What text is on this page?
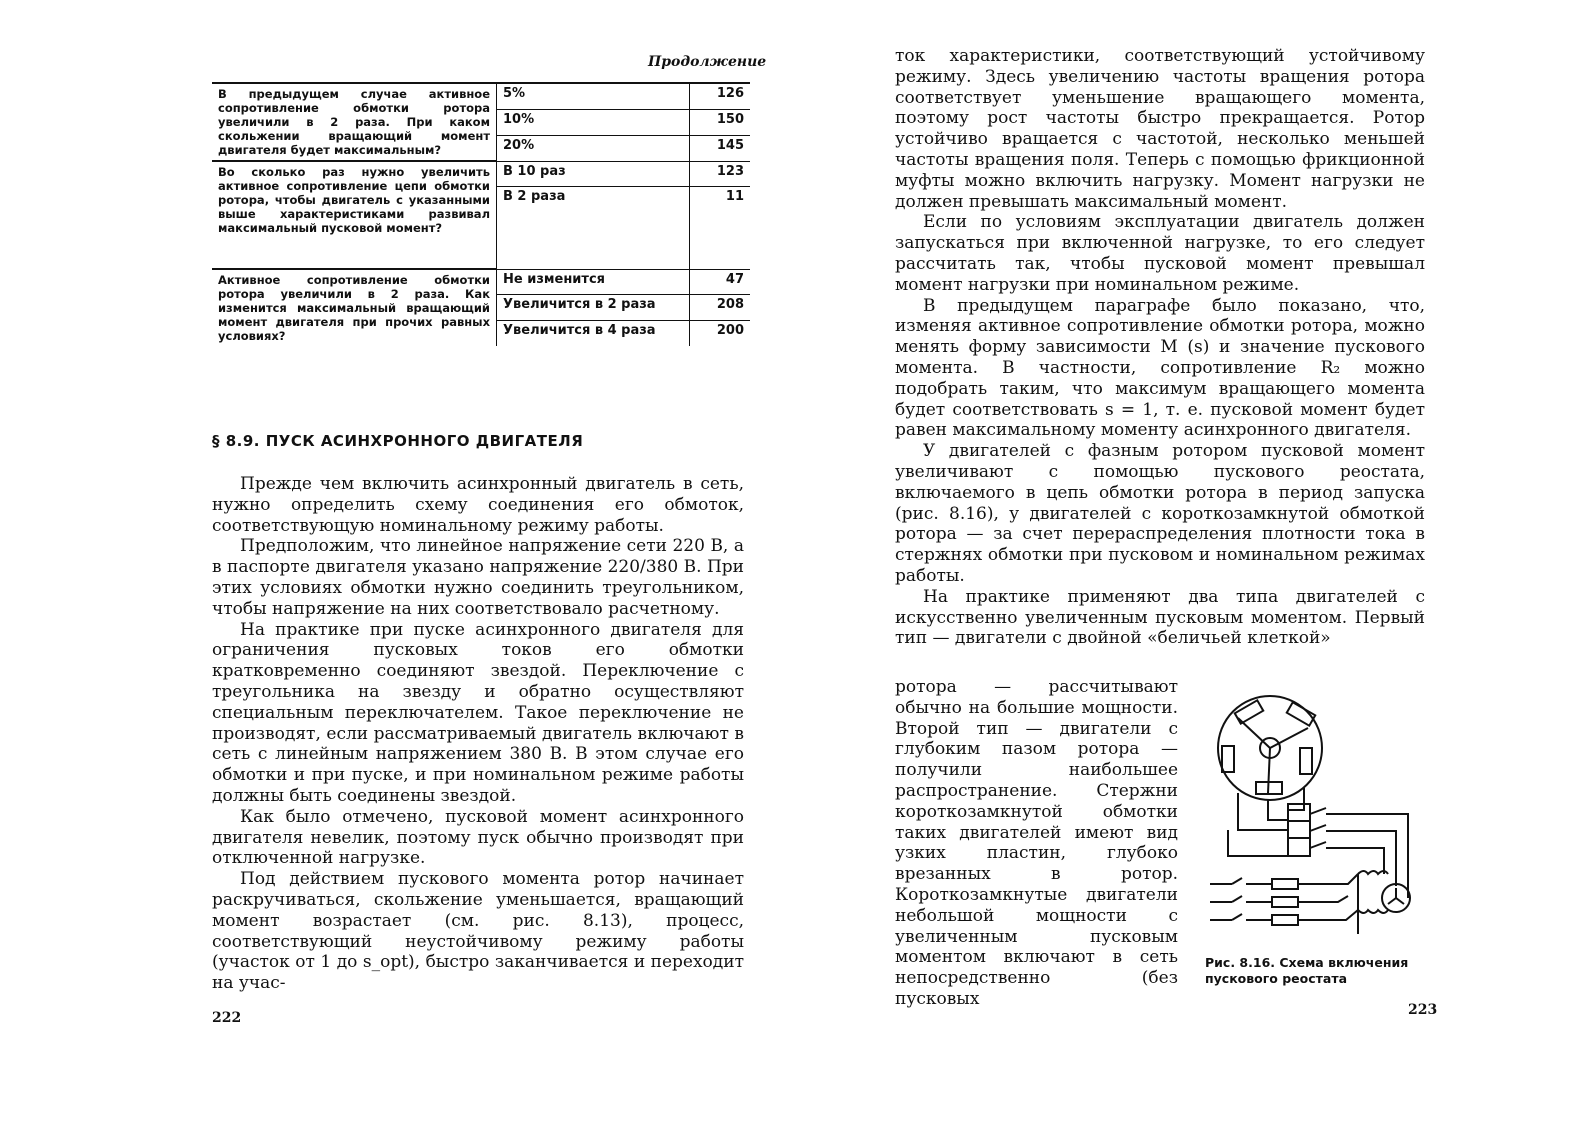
Продолжение
В предыдущем случае активное сопротивление обмотки ротора увеличили в 2 раза. При каком скольжении вращающий момент двигателя будет максимальным?	5%	126
	10%	150
	20%	145
Во сколько раз нужно увеличить активное сопротивление цепи обмотки ротора, чтобы двигатель с указанными выше характеристиками развивал максимальный пусковой момент?	В 10 раз	123
	В 2 раза	11
Активное сопротивление обмотки ротора увеличили в 2 раза. Как изменится максимальный вращающий момент двигателя при прочих равных условиях?	Не изменится	47
	Увеличится в 2 раза	208
	Увеличится в 4 раза	200
§ 8.9. ПУСК АСИНХРОННОГО ДВИГАТЕЛЯ

Прежде чем включить асинхронный двигатель в сеть, нужно определить схему соединения его обмоток, соответствующую номинальному режиму работы.

Предположим, что линейное напряжение сети 220 В, а в паспорте двигателя указано напряжение 220/380 В. При этих условиях обмотки нужно соединить треугольником, чтобы напряжение на них соответствовало расчетному.

На практике при пуске асинхронного двигателя для ограничения пусковых токов его обмотки кратковременно соединяют звездой. Переключение с треугольника на звезду и обратно осуществляют специальным переключателем. Такое переключение не производят, если рассматриваемый двигатель включают в сеть с линейным напряжением 380 В. В этом случае его обмотки и при пуске, и при номинальном режиме работы должны быть соединены звездой.

Как было отмечено, пусковой момент асинхронного двигателя невелик, поэтому пуск обычно производят при отключенной нагрузке.

Под действием пускового момента ротор начинает раскручиваться, скольжение уменьшается, вращающий момент возрастает (см. рис. 8.13), процесс, соответствующий неустойчивому режиму работы (участок от 1 до s_opt), быстро заканчивается и переходит на учас-

222

ток характеристики, соответствующий устойчивому режиму. Здесь увеличению частоты вращения ротора соответствует уменьшение вращающего момента, поэтому рост частоты быстро прекращается. Ротор устойчиво вращается с частотой, несколько меньшей частоты вращения поля. Теперь с помощью фрикционной муфты можно включить нагрузку. Момент нагрузки не должен превышать максимальный момент.

Если по условиям эксплуатации двигатель должен запускаться при включенной нагрузке, то его следует рассчитать так, чтобы пусковой момент превышал момент нагрузки при номинальном режиме.

В предыдущем параграфе было показано, что, изменяя активное сопротивление обмотки ротора, можно менять форму зависимости M (s) и значение пускового момента. В частности, сопротивление R₂ можно подобрать таким, что максимум вращающего момента будет соответствовать s = 1, т. е. пусковой момент будет равен максимальному моменту асинхронного двигателя.

У двигателей с фазным ротором пусковой момент увеличивают с помощью пускового реостата, включаемого в цепь обмотки ротора в период запуска (рис. 8.16), у двигателей с короткозамкнутой обмоткой ротора — за счет перераспределения плотности тока в стержнях обмотки при пусковом и номинальном режимах работы.

На практике применяют два типа двигателей с искусственно увеличенным пусковым моментом. Первый тип — двигатели с двойной «беличьей клеткой»

ротора — рассчитывают обычно на большие мощности. Второй тип — двигатели с глубоким пазом ротора — получили наибольшее распространение. Стержни короткозамкнутой обмотки таких двигателей имеют вид узких пластин, глубоко врезанных в ротор. Короткозамкнутые двигатели небольшой мощности с увеличенным пусковым моментом включают в сеть непосредственно (без пусковых

Рис. 8.16. Схема включения пускового реостата
223
